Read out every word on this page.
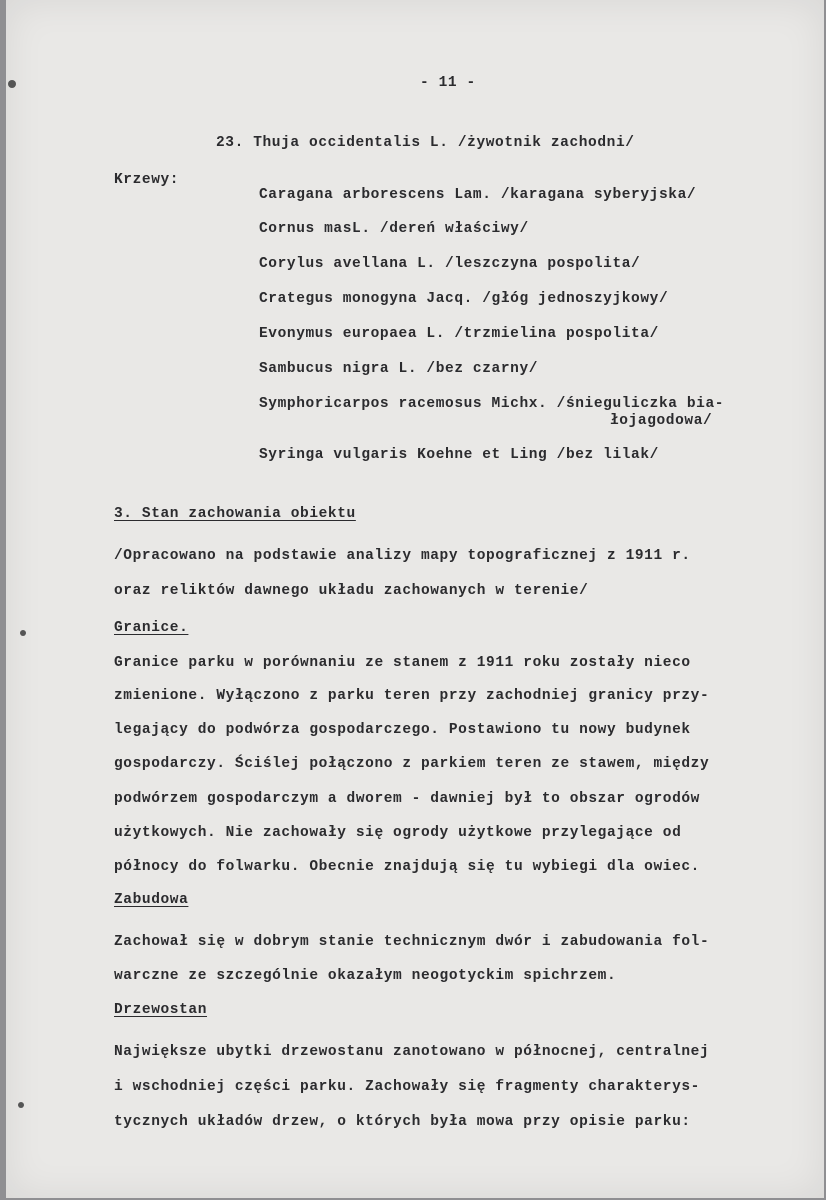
- 11 -
23. Thuja occidentalis L. /żywotnik zachodni/
Krzewy:
Caragana arborescens Lam. /karagana syberyjska/
Cornus masL. /dereń właściwy/
Corylus avellana L. /leszczyna pospolita/
Crategus monogyna Jacq. /głóg jednoszyjkowy/
Evonymus europaea L. /trzmielina pospolita/
Sambucus nigra L. /bez czarny/
Symphoricarpos racemosus Michx. /śnieguliczka bia-
łojagodowa/
Syringa vulgaris Koehne et Ling /bez lilak/
3. Stan zachowania obiektu
/Opracowano na podstawie analizy mapy topograficznej z 1911 r.
oraz reliktów dawnego układu zachowanych w terenie/
Granice.
Granice parku w porównaniu ze stanem z 1911 roku zostały nieco
zmienione. Wyłączono z parku teren przy zachodniej granicy przy-
legający do podwórza gospodarczego. Postawiono tu nowy budynek
gospodarczy. Ściślej połączono z parkiem teren ze stawem, między
podwórzem gospodarczym a dworem - dawniej był to obszar ogrodów
użytkowych. Nie zachowały się ogrody użytkowe przylegające od
północy do folwarku. Obecnie znajdują się tu wybiegi dla owiec.
Zabudowa
Zachował się w dobrym stanie technicznym dwór i zabudowania fol-
warczne ze szczególnie okazałym neogotyckim spichrzem.
Drzewostan
Największe ubytki drzewostanu zanotowano w północnej, centralnej
i wschodniej części parku. Zachowały się fragmenty charakterys-
tycznych układów drzew, o których była mowa przy opisie parku:
